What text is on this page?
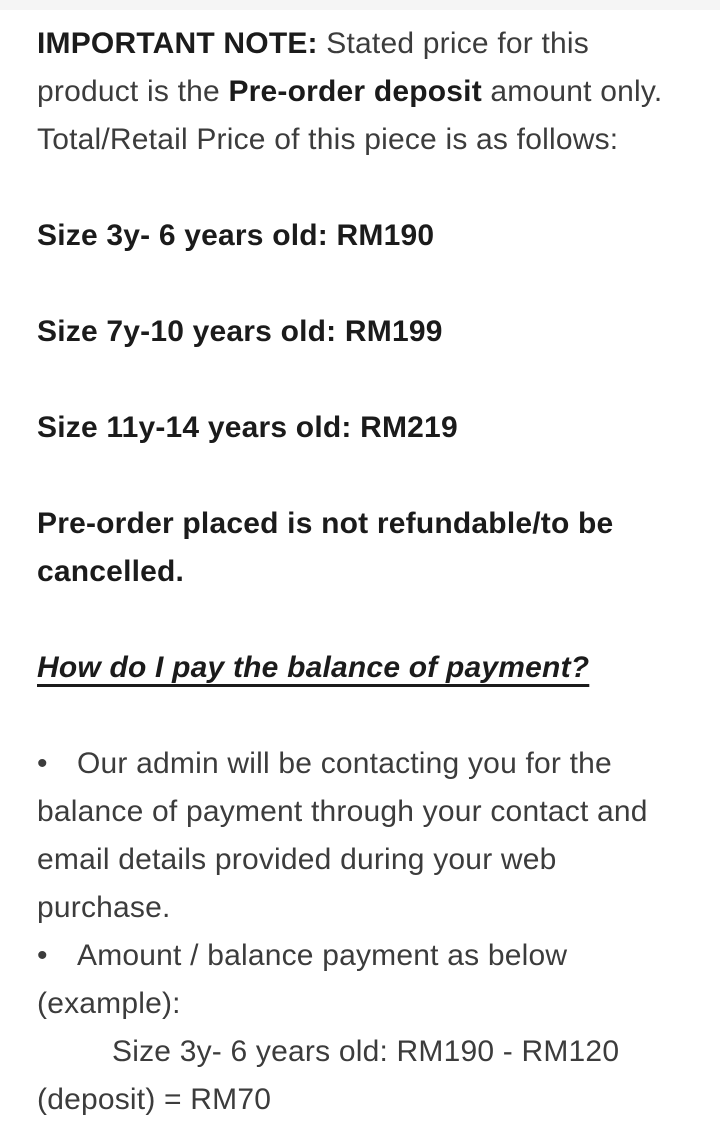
IMPORTANT NOTE: Stated price for this
product is the Pre-order deposit amount only.
Total/Retail Price of this piece is as follows:
Size 3y- 6 years old: RM190
Size 7y-10 years old: RM199
Size 11y-14 years old: RM219
Pre-order placed is not refundable/to be
cancelled.
How do I pay the balance of payment?
• Our admin will be contacting you for the
balance of payment through your contact and
email details provided during your web
purchase.
• Amount / balance payment as below
(example):
Size 3y- 6 years old: RM190 - RM120
(deposit) = RM70
